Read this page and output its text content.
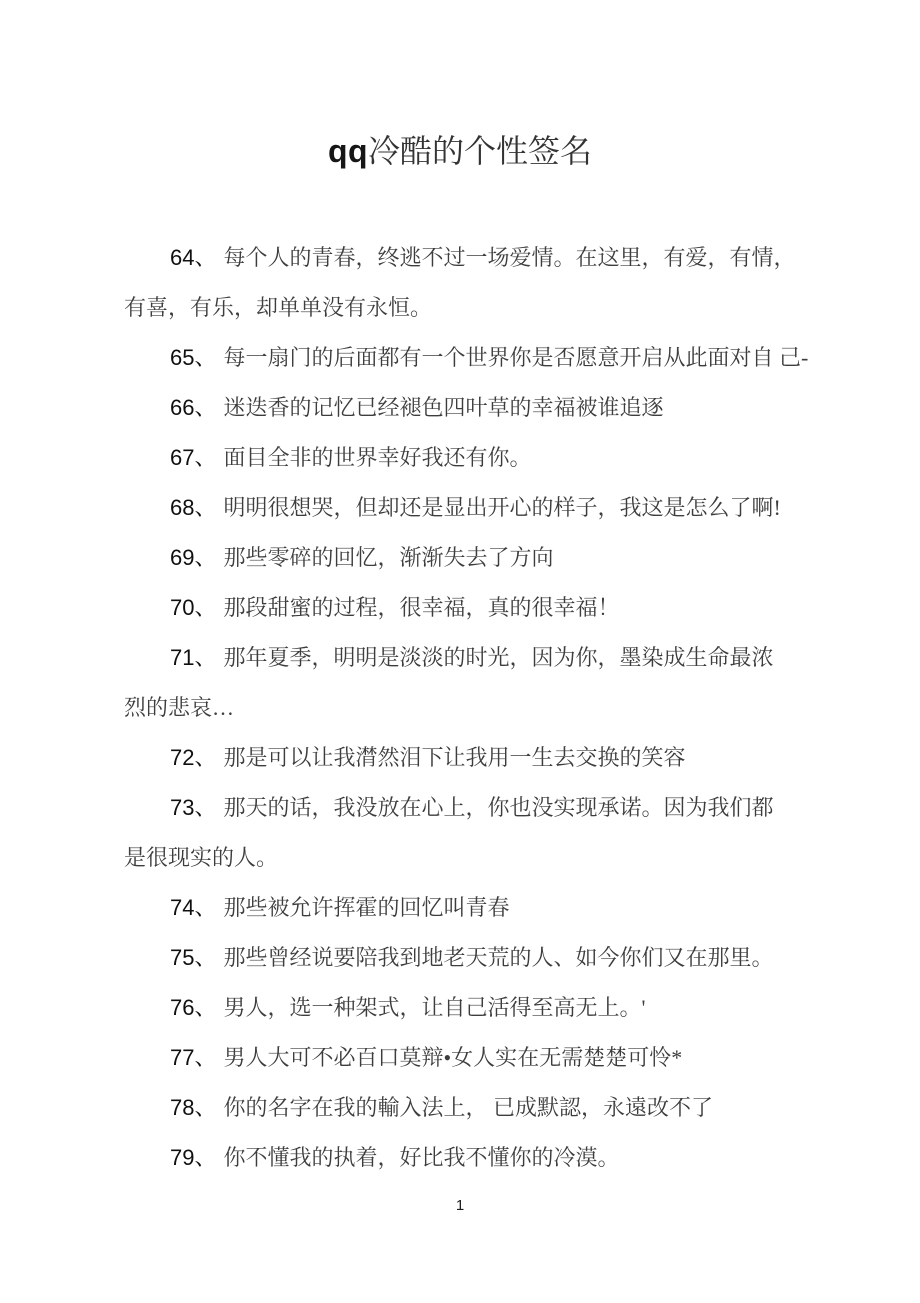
qq冷酷的个性签名

64、 每个人的青春，终逃不过一场爱情。在这里，有爱，有情，
有喜，有乐，却单单没有永恒。

65、 每一扇门的后面都有一个世界你是否愿意开启从此面对自 己-

66、 迷迭香的记忆已经褪色四叶草的幸福被谁追逐

67、 面目全非的世界幸好我还有你。

68、 明明很想哭，但却还是显出开心的样子，我这是怎么了啊!

69、 那些零碎的回忆，渐渐失去了方向

70、 那段甜蜜的过程，很幸福，真的很幸福！

71、 那年夏季，明明是淡淡的时光，因为你，墨染成生命最浓
烈的悲哀…

72、 那是可以让我潸然泪下让我用一生去交换的笑容

73、 那天的话，我没放在心上，你也没实现承诺。因为我们都
是很现实的人。

74、 那些被允许挥霍的回忆叫青春

75、 那些曾经说要陪我到地老天荒的人、如今你们又在那里。

76、 男人，选一种架式，让自己活得至高无上。'

77、 男人大可不必百口莫辩•女人实在无需楚楚可怜*

78、 你的名字在我的輸入法上， 已成默認，永遠改不了

79、 你不懂我的执着，好比我不懂你的冷漠。

1
